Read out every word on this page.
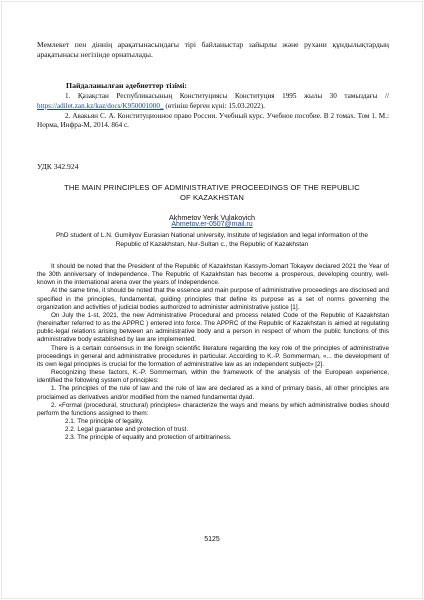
Мемлекет пен діннің арақатынасындағы тірі байланыстар зайырлы және рухани құндылықтардың арақатынасы негізінде орнатылады.

Пайдаланылған әдебиеттер тізімі:

1. Қазақстан Республикасының Конституциясы Конституция 1995 жылы 30 тамыздағы // https://adilet.zan.kz/kaz/docs/K950001000_ (өтініш берген күні: 15.03.2022).

2. Авакьян С. А. Конституционное право России. Учебный курс. Учебное пособие. В 2 томах. Том 1. М.: Норма, Инфра-М, 2014. 864 с.

УДК 342.924
THE MAIN PRINCIPLES OF ADMINISTRATIVE PROCEEDINGS OF THE REPUBLIC OF KAZAKHSTAN
Akhmetov Yerik Vulakovich
Ahmetov.er-0507@mail.ru
PhD student of L.N. Gumilyov Eurasian National university, Institute of legislation and legal information of the Republic of Kazakhstan, Nur-Sultan c., the Republic of Kazakhstan

It should be noted that the President of the Republic of Kazakhstan Kassym-Jomart Tokayev declared 2021 the Year of the 30th anniversary of Independence. The Republic of Kazakhstan has become a prosperous, developing country, well-known in the international arena over the years of Independence.

At the same time, it should be noted that the essence and main purpose of administrative proceedings are disclosed and specified in the principles, fundamental, guiding principles that define its purpose as a set of norms governing the organization and activities of judicial bodies authorized to administer administrative justice [1].

On July the 1-st, 2021, the new Administrative Procedural and process related Code of the Republic of Kazakhstan (hereinafter referred to as the APPRC ) entered into force. The APPRC of the Republic of Kazakhstan is aimed at regulating public-legal relations arising between an administrative body and a person in respect of whom the public functions of this administrative body established by law are implemented.

There is a certain consensus in the foreign scientific literature regarding the key role of the principles of administrative proceedings in general and administrative procedures in particular. According to K.-P. Sommerman, «... the development of its own legal principles is crucial for the formation of administrative law as an independent subject» [2].

Recognizing these factors, K.-P. Sommerman, within the framework of the analysis of the European experience, identified the following system of principles:

1. The principles of the rule of law and the rule of law are declared as a kind of primary basis, all other principles are proclaimed as derivatives and/or modified from the named fundamental dyad.

2. «Formal (procedural, structural) principles» characterize the ways and means by which administrative bodies should perform the functions assigned to them:

2.1. The principle of legality.

2.2. Legal guarantee and protection of trust.

2.3. The principle of equality and protection of arbitrariness.

5125
